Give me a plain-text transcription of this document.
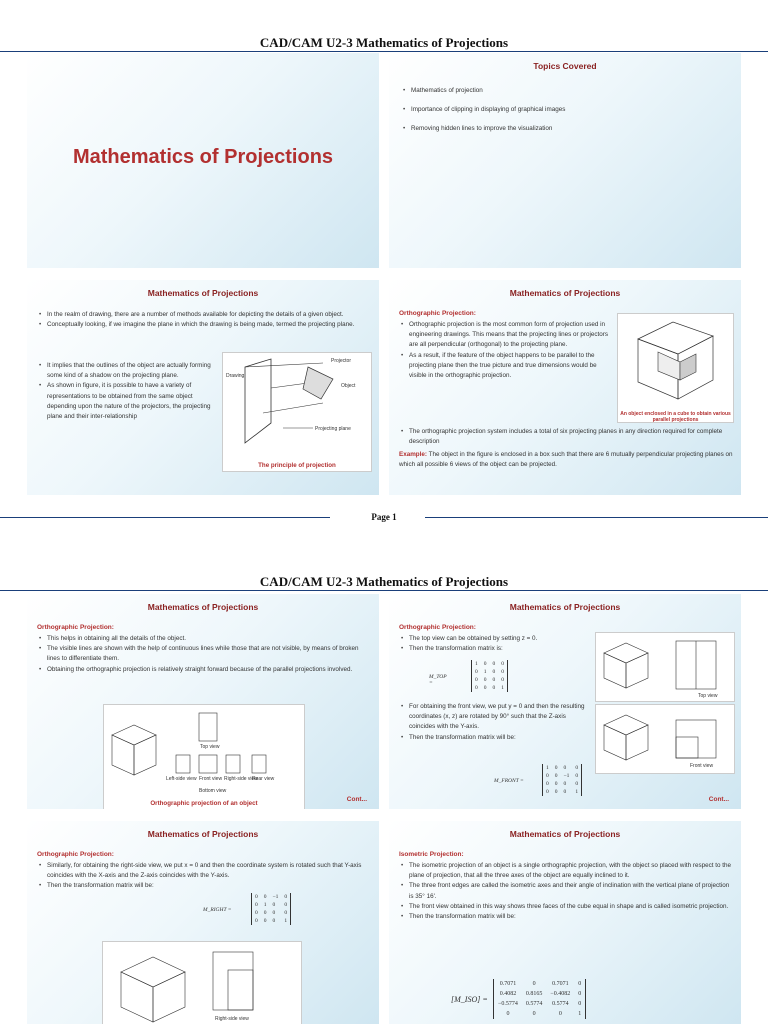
CAD/CAM U2-3 Mathematics of Projections
Mathematics of Projections
Topics Covered
• Mathematics of projection
• Importance of clipping in displaying of graphical images
• Removing hidden lines to improve the visualization
Mathematics of Projections
• In the realm of drawing, there are a number of methods available for depicting the details of a given object.
• Conceptually looking, if we imagine the plane in which the drawing is being made, termed the projecting plane.
• It implies that the outlines of the object are actually forming some kind of a shadow on the projecting plane.
• As shown in figure, it is possible to have a variety of representations to be obtained from the same object depending upon the nature of the projectors, the projecting plane and their inter-relationship
Projector
Drawing
Object
Projecting plane
The principle of projection
Mathematics of Projections
Orthographic Projection:
• Orthographic projection is the most common form of projection used in engineering drawings. This means that the projecting lines or projectors are all perpendicular (orthogonal) to the projecting plane.
• As a result, if the feature of the object happens to be parallel to the projecting plane then the true picture and true dimensions would be visible in the orthographic projection.
An object enclosed in a cube to obtain various parallel projections
• The orthographic projection system includes a total of six projecting planes in any direction required for complete description
Example: The object in the figure is enclosed in a box such that there are 6 mutually perpendicular projecting planes on which all possible 6 views of the object can be projected.
Page 1
CAD/CAM U2-3 Mathematics of Projections
Mathematics of Projections
Orthographic Projection:
• This helps in obtaining all the details of the object.
• The visible lines are shown with the help of continuous lines while those that are not visible, by means of broken lines to differentiate them.
• Obtaining the orthographic projection is relatively straight forward because of the parallel projections involved.
Top view
Left-side view Front view Right-side view
Rear view
Bottom view
Orthographic projection of an object
Cont...
Mathematics of Projections
Orthographic Projection:
• The top view can be obtained by setting z = 0.
• Then the transformation matrix is:
M_TOP =
1	0	0	0
0	1	0	0
0	0	0	0
0	0	0	1
Top view
• For obtaining the front view, we put y = 0 and then the resulting coordinates (x, z) are rotated by 90° such that the Z-axis coincides with the Y-axis.
• Then the transformation matrix will be:
M_FRONT =
1	0	0	0
0	0	−1	0
0	0	0	0
0	0	0	1
Front view
Cont...
Mathematics of Projections
Orthographic Projection:
• Similarly, for obtaining the right-side view, we put x = 0 and then the coordinate system is rotated such that Y-axis coincides with the X-axis and the Z-axis coincides with the Y-axis.
• Then the transformation matrix will be:
M_RIGHT =
0	0	−1	0
0	1	0	0
0	0	0	0
0	0	0	1
Right-side view
Mathematics of Projections
Isometric Projection:
• The isometric projection of an object is a single orthographic projection, with the object so placed with respect to the plane of projection, that all the three axes of the object are equally inclined to it.
• The three front edges are called the isometric axes and their angle of inclination with the vertical plane of projection is 35° 16'.
• The front view obtained in this way shows three faces of the cube equal in shape and is called isometric projection.
• Then the transformation matrix will be:
[M_ISO] =
0.7071	0	0.7071	0
0.4082	0.8165	−0.4082	0
−0.5774	0.5774	0.5774	0
0	0	0	1
